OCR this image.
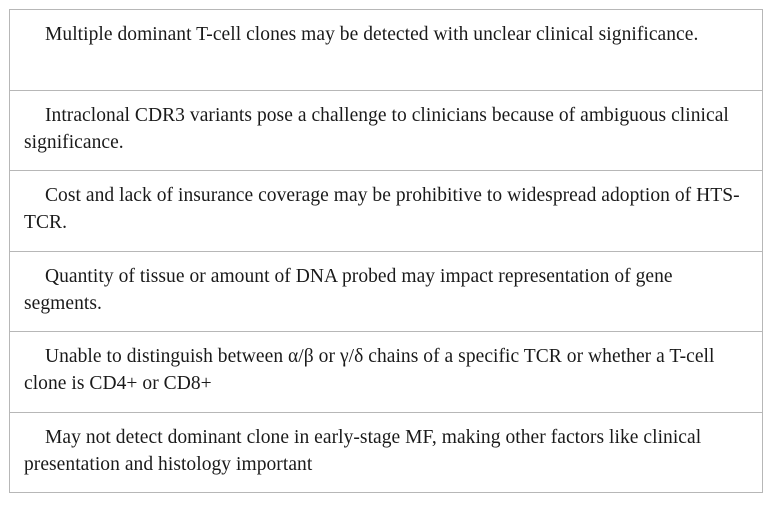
Multiple dominant T-cell clones may be detected with unclear clinical significance.

Intraclonal CDR3 variants pose a challenge to clinicians because of ambiguous clinical significance.

Cost and lack of insurance coverage may be prohibitive to widespread adoption of HTS-TCR.

Quantity of tissue or amount of DNA probed may impact representation of gene segments.

Unable to distinguish between α/β or γ/δ chains of a specific TCR or whether a T-cell clone is CD4+ or CD8+

May not detect dominant clone in early-stage MF, making other factors like clinical presentation and histology important
